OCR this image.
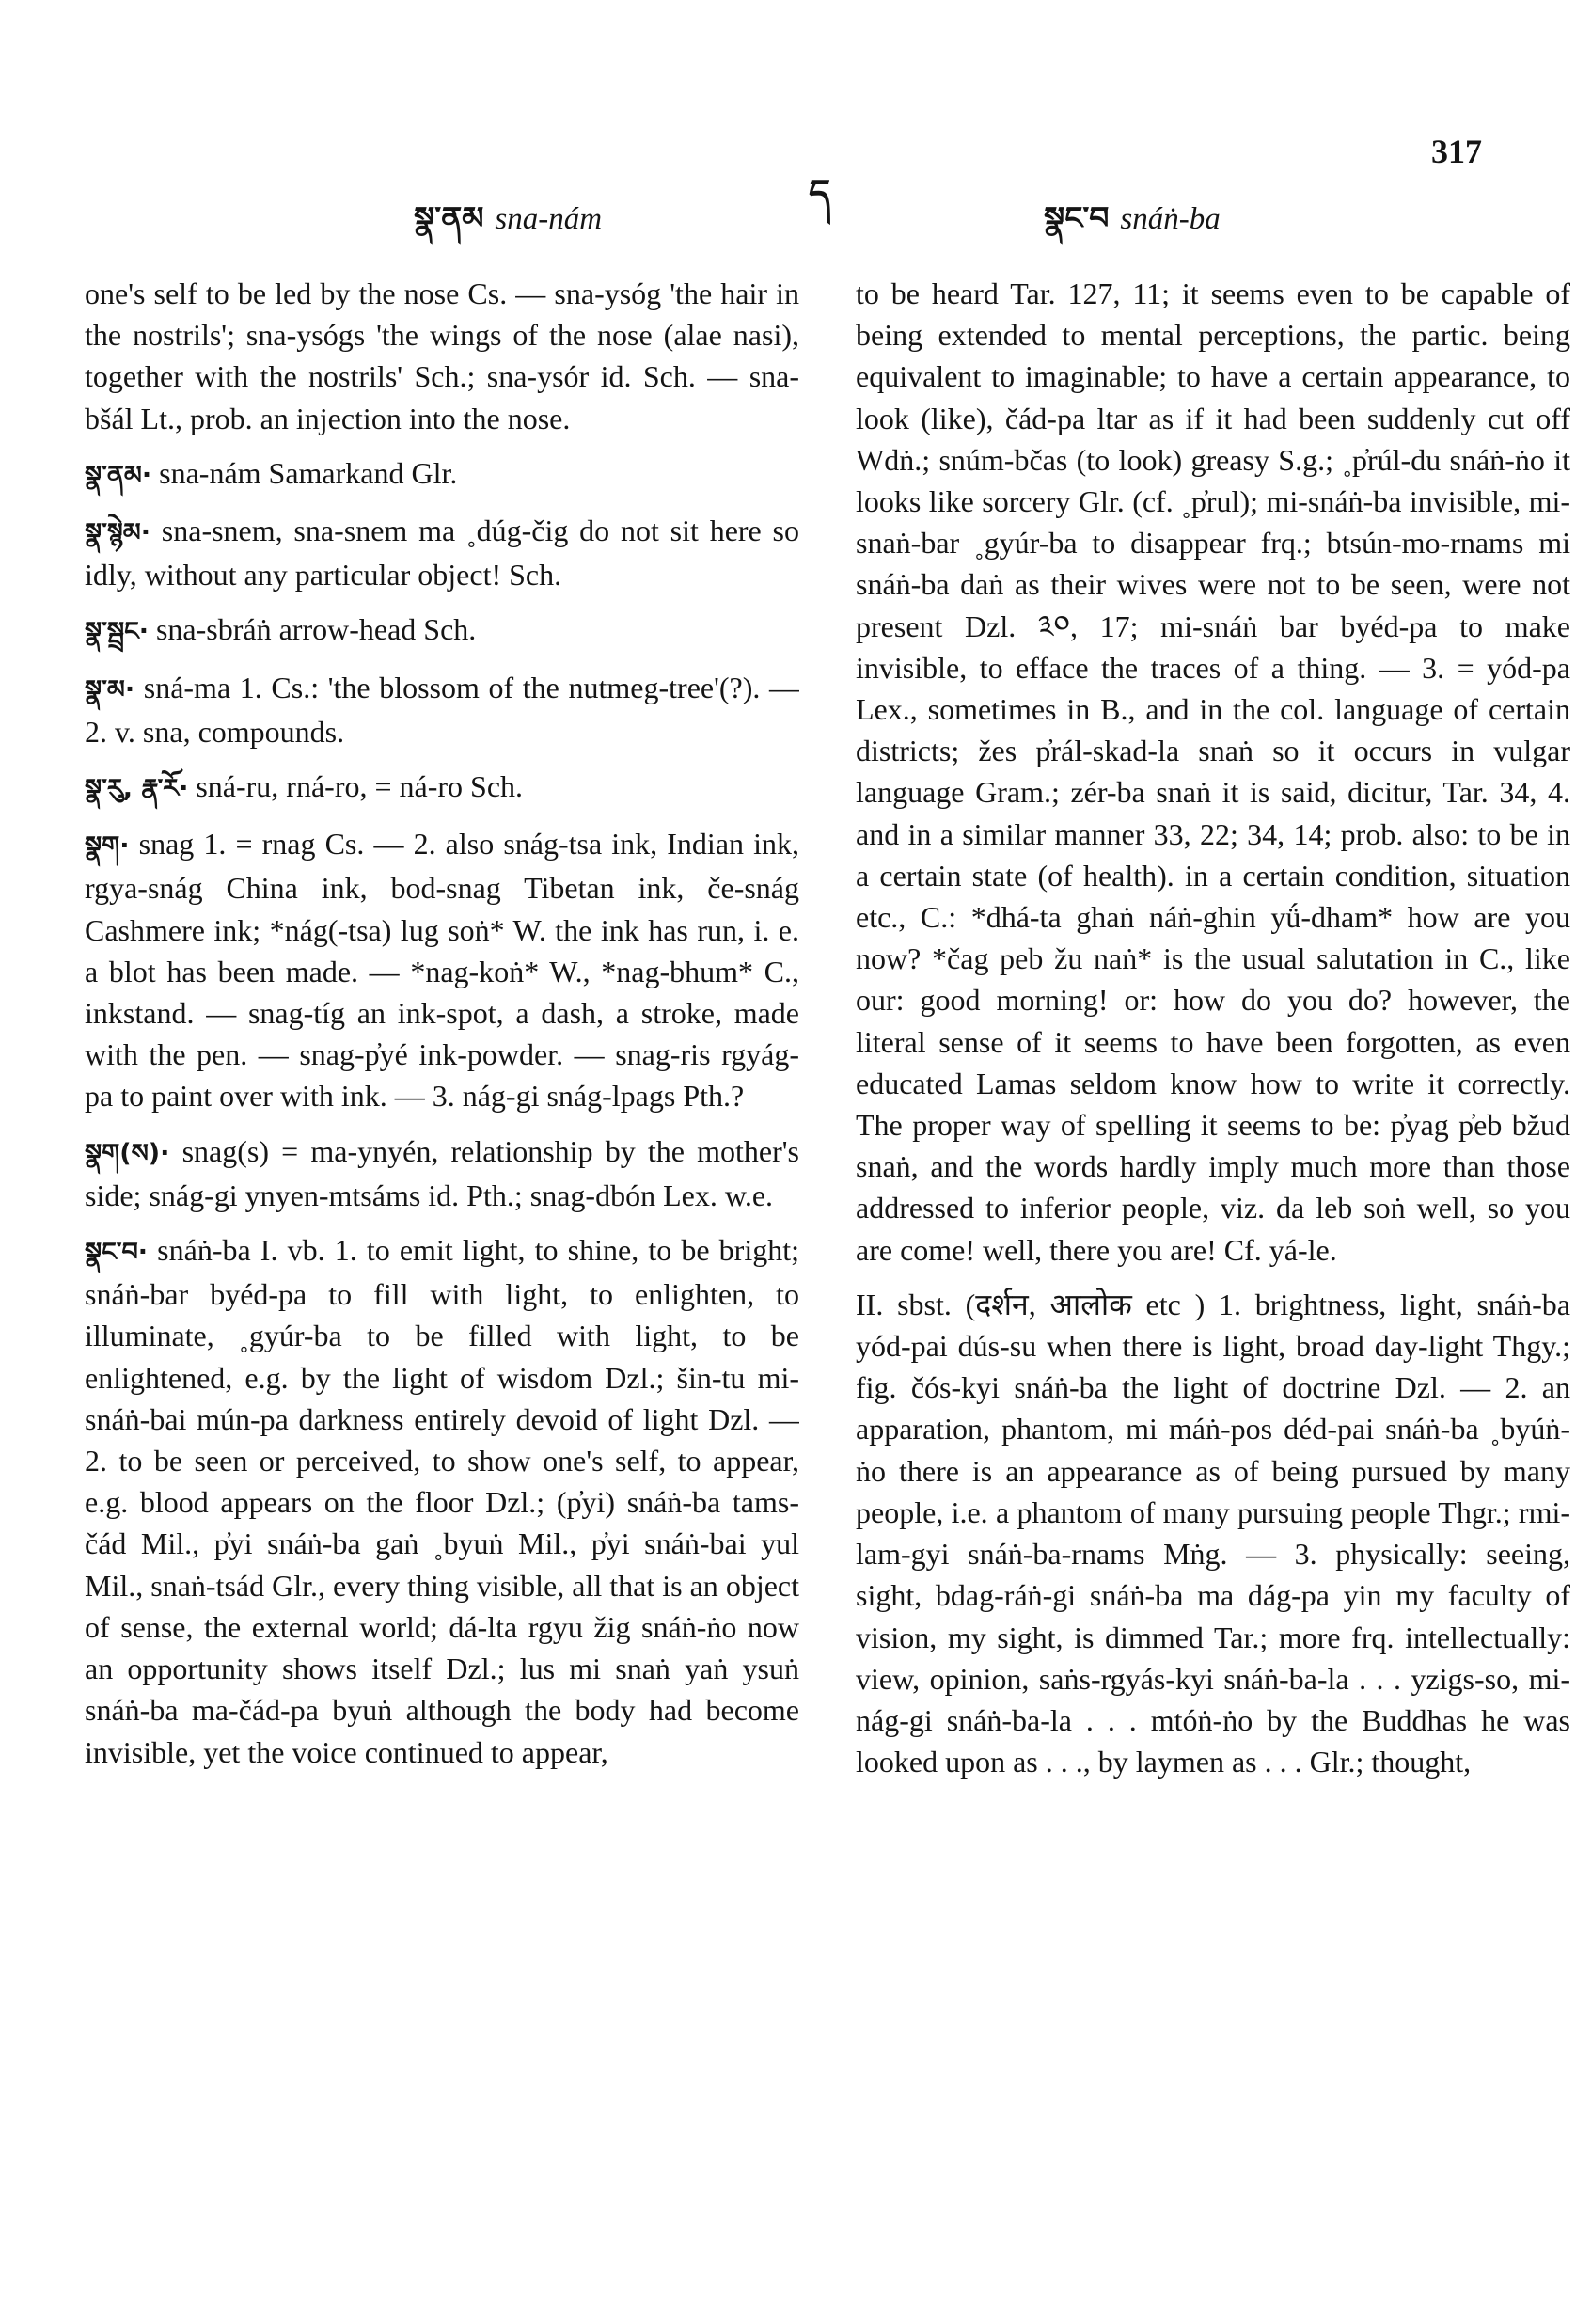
317
ད
སྣ་ནམ sna-nám	སྣང་བ snáṅ-ba

one's self to be led by the nose Cs. — sna-ysóg 'the hair in the nostrils'; sna-ysógs 'the wings of the nose (alae nasi), together with the nostrils' Sch.; sna-ysór id. Sch. — sna-bšál Lt., prob. an injection into the nose.

སྣ་ནམ· sna-nám Samarkand Glr.

སྣ་སྙེམ· sna-snem, sna-snem ma ˳dúg-čig do not sit here so idly, without any particular object! Sch.

སྣ་སྦྲང· sna-sbráṅ arrow-head Sch.

སྣ་མ· sná-ma 1. Cs.: 'the blossom of the nutmeg-tree'(?). — 2. v. sna, compounds.

སྣ་རུ, རྣ་རོ· sná-ru, rná-ro, = ná-ro Sch.

སྣག· snag 1. = rnag Cs. — 2. also snág-tsa ink, Indian ink, rgya-snág China ink, bod-snag Tibetan ink, če-snág Cashmere ink; *nág(-tsa) lug soṅ* W. the ink has run, i. e. a blot has been made. — *nag-koṅ* W., *nag-bhum* C., inkstand. — snag-tíg an ink-spot, a dash, a stroke, made with the pen. — snag-p̓yé ink-powder. — snag-ris rgyág-pa to paint over with ink. — 3. nág-gi snág-lpags Pth.?

སྣག(ས)· snag(s) = ma-ynyén, relationship by the mother's side; snág-gi ynyen-mtsáms id. Pth.; snag-dbón Lex. w.e.

སྣང་བ· snáṅ-ba I. vb. 1. to emit light, to shine, to be bright; snáṅ-bar byéd-pa to fill with light, to enlighten, to illuminate, ˳gyúr-ba to be filled with light, to be enlightened, e.g. by the light of wisdom Dzl.; šin-tu mi-snáṅ-bai mún-pa darkness entirely devoid of light Dzl. — 2. to be seen or perceived, to show one's self, to appear, e.g. blood appears on the floor Dzl.; (p̓yi) snáṅ-ba tams-čád Mil., p̓yi snáṅ-ba gaṅ ˳byuṅ Mil., p̓yi snáṅ-bai yul Mil., snaṅ-tsád Glr., every thing visible, all that is an object of sense, the external world; dá-lta rgyu žig snáṅ-ṅo now an opportunity shows itself Dzl.; lus mi snaṅ yaṅ ysuṅ snáṅ-ba ma-čád-pa byuṅ although the body had become invisible, yet the voice continued to appear,

to be heard Tar. 127, 11; it seems even to be capable of being extended to mental perceptions, the partic. being equivalent to imaginable; to have a certain appearance, to look (like), čád-pa ltar as if it had been suddenly cut off Wdṅ.; snúm-bčas (to look) greasy S.g.; ˳p̓rúl-du snáṅ-ṅo it looks like sorcery Glr. (cf. ˳p̓rul); mi-snáṅ-ba invisible, mi-snaṅ-bar ˳gyúr-ba to disappear frq.; btsún-mo-rnams mi snáṅ-ba daṅ as their wives were not to be seen, were not present Dzl. ༣༠, 17; mi-snáṅ bar byéd-pa to make invisible, to efface the traces of a thing. — 3. = yód-pa Lex., sometimes in B., and in the col. language of certain districts; žes p̓rál-skad-la snaṅ so it occurs in vulgar language Gram.; zér-ba snaṅ it is said, dicitur, Tar. 34, 4. and in a similar manner 33, 22; 34, 14; prob. also: to be in a certain state (of health). in a certain condition, situation etc., C.: *dhá-ta ghaṅ náṅ-ghin yǘ-dham* how are you now? *čag peb žu naṅ* is the usual salutation in C., like our: good morning! or: how do you do? however, the literal sense of it seems to have been forgotten, as even educated Lamas seldom know how to write it correctly. The proper way of spelling it seems to be: p̓yag p̓eb bžud snaṅ, and the words hardly imply much more than those addressed to inferior people, viz. da leb soṅ well, so you are come! well, there you are! Cf. yá-le.

II. sbst. (दर्शन, आलोक etc ) 1. brightness, light, snáṅ-ba yód-pai dús-su when there is light, broad day-light Thgy.; fig. čós-kyi snáṅ-ba the light of doctrine Dzl. — 2. an apparation, phantom, mi máṅ-pos déd-pai snáṅ-ba ˳byúṅ-ṅo there is an appearance as of being pursued by many people, i.e. a phantom of many pursuing people Thgr.; rmi-lam-gyi snáṅ-ba-rnams Mṅg. — 3. physically: seeing, sight, bdag-ráṅ-gi snáṅ-ba ma dág-pa yin my faculty of vision, my sight, is dimmed Tar.; more frq. intellectually: view, opinion, saṅs-rgyás-kyi snáṅ-ba-la . . . yzigs-so, mi-nág-gi snáṅ-ba-la . . . mtóṅ-ṅo by the Buddhas he was looked upon as . . ., by laymen as . . . Glr.; thought,
